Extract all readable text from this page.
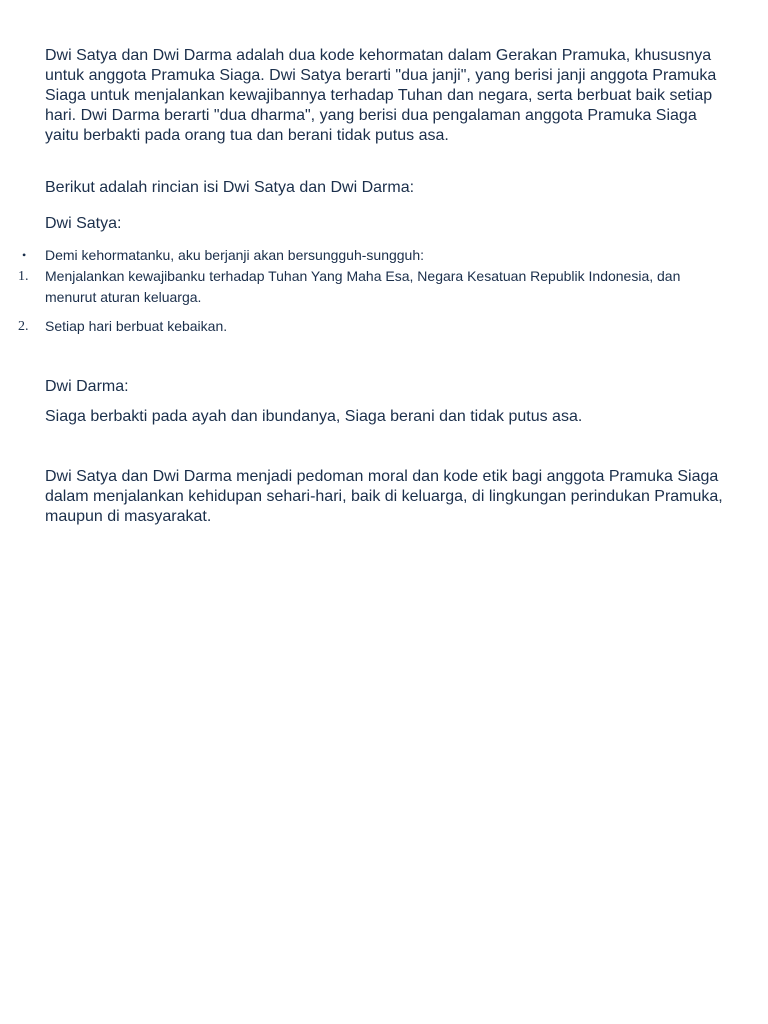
Dwi Satya dan Dwi Darma adalah dua kode kehormatan dalam Gerakan Pramuka, khususnya untuk anggota Pramuka Siaga. Dwi Satya berarti "dua janji", yang berisi janji anggota Pramuka Siaga untuk menjalankan kewajibannya terhadap Tuhan dan negara, serta berbuat baik setiap hari. Dwi Darma berarti "dua dharma", yang berisi dua pengalaman anggota Pramuka Siaga yaitu berbakti pada orang tua dan berani tidak putus asa.

Berikut adalah rincian isi Dwi Satya dan Dwi Darma:

Dwi Satya:

•	Demi kehormatanku, aku berjanji akan bersungguh-sungguh:
1.	Menjalankan kewajibanku terhadap Tuhan Yang Maha Esa, Negara Kesatuan Republik Indonesia, dan menurut aturan keluarga.
2.	Setiap hari berbuat kebaikan.

Dwi Darma:

Siaga berbakti pada ayah dan ibundanya, Siaga berani dan tidak putus asa.

Dwi Satya dan Dwi Darma menjadi pedoman moral dan kode etik bagi anggota Pramuka Siaga dalam menjalankan kehidupan sehari-hari, baik di keluarga, di lingkungan perindukan Pramuka, maupun di masyarakat.
